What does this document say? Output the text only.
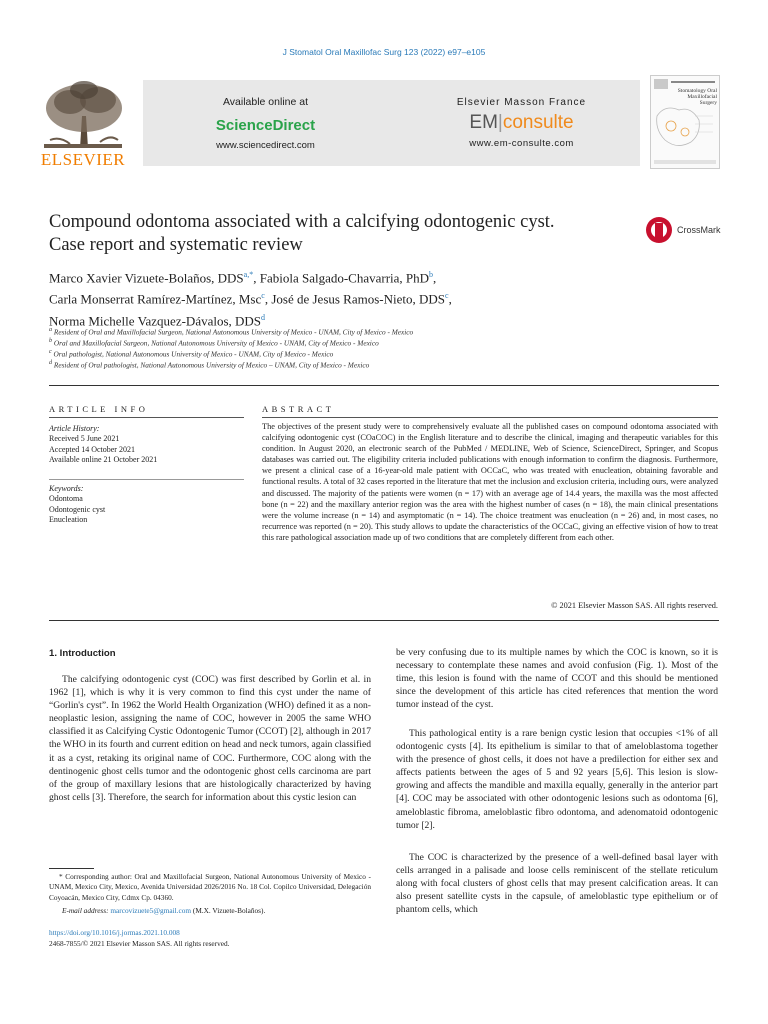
J Stomatol Oral Maxillofac Surg 123 (2022) e97–e105
ELSEVIER
Available online at
ScienceDirect
www.sciencedirect.com
Elsevier Masson France
EM|consulte
www.em-consulte.com
Stomatology Oral Maxillofacial Surgery
Compound odontoma associated with a calcifying odontogenic cyst.
Case report and systematic review
CrossMark
Marco Xavier Vizuete-Bolaños, $DDS^{a,*}$, Fabiola Salgado-Chavarria, PhD$^b$,
Carla Monserrat Ramírez-Martínez, Msc$^c$, José de Jesus Ramos-Nieto, DDS$^c$,
Norma Michelle Vazquez-Dávalos, DDS$^d$
$^a$ Resident of Oral and Maxillofacial Surgeon, National Autonomous University of Mexico - UNAM, City of Mexico - Mexico
$^b$ Oral and Maxillofacial Surgeon, National Autonomous University of Mexico - UNAM, City of Mexico - Mexico
$^c$ Oral pathologist, National Autonomous University of Mexico - UNAM, City of Mexico - Mexico
$^d$ Resident of Oral pathologist, National Autonomous University of Mexico – UNAM, City of Mexico - Mexico
ARTICLE INFO
Article History:
Received 5 June 2021
Accepted 14 October 2021
Available online 21 October 2021
Keywords:
Odontoma
Odontogenic cyst
Enucleation
ABSTRACT
The objectives of the present study were to comprehensively evaluate all the published cases on compound odontoma associated with calcifying odontogenic cyst (COaCOC) in the English literature and to describe the clinical, imaging and therapeutic variables for this condition. In August 2020, an electronic search of the PubMed / MEDLINE, Web of Science, ScienceDirect, Springer, and Scopus databases was carried out. The eligibility criteria included publications with enough information to confirm the diagnosis. Furthermore, we present a clinical case of a 16-year-old male patient with OCCaC, who was treated with enucleation, obtaining favorable and functional results. A total of 32 cases reported in the literature that met the inclusion and exclusion criteria, including ours, were analyzed and discussed. The majority of the patients were women (n = 17) with an average age of 14.4 years, the maxilla was the most affected bone (n = 22) and the maxillary anterior region was the area with the highest number of cases (n = 18), the main clinical presentations were the volume increase (n = 14) and asymptomatic (n = 14). The choice treatment was enucleation (n = 26) and, in most cases, no recurrence was reported (n = 20). This study allows to update the characteristics of the OCCaC, giving an effective vision of how to treat this rare pathological association made up of two conditions that are completely different from each other.
© 2021 Elsevier Masson SAS. All rights reserved.
1. Introduction
The calcifying odontogenic cyst (COC) was first described by Gorlin et al. in 1962 [1], which is why it is very common to find this cyst under the name of “Gorlin's cyst”. In 1962 the World Health Organization (WHO) defined it as a non-neoplastic lesion, assigning the name of COC, however in 2005 the same WHO classified it as Calcifying Cystic Odontogenic Tumor (CCOT) [2], although in 2017 the WHO in its fourth and current edition on head and neck tumors, again classified it as a cyst, retaking its original name of COC. Furthermore, COC along with the dentinogenic ghost cells tumor and the odontogenic ghost cells carcinoma are part of the group of maxillary lesions that are histologically characterized by having ghost cells [3]. Therefore, the search for information about this cystic lesion can
be very confusing due to its multiple names by which the COC is known, so it is necessary to contemplate these names and avoid confusion (Fig. 1). Most of the time, this lesion is found with the name of CCOT and this should be mentioned since the development of this article has cited references that mention the word tumor instead of the cyst.
This pathological entity is a rare benign cystic lesion that occupies <1% of all odontogenic cysts [4]. Its epithelium is similar to that of ameloblastoma together with the presence of ghost cells, it does not have a predilection for either sex and affects patients between the ages of 5 and 92 years [5,6]. This lesion is slow-growing and affects the mandible and maxilla equally, generally in the anterior part [4]. COC may be associated with other odontogenic lesions such as odontoma [6], ameloblastic fibroma, ameloblastic fibro odontoma, and adenomatoid odontogenic tumor [2].
The COC is characterized by the presence of a well-defined basal layer with cells arranged in a palisade and loose cells reminiscent of the stellate reticulum along with focal clusters of ghost cells that may present calcification areas. It can also present satellite cysts in the capsule, of ameloblastic type epithelium or of phantom cells, which
* Corresponding author: Oral and Maxillofacial Surgeon, National Autonomous University of Mexico - UNAM, Mexico City, Mexico, Avenida Universidad 2026/2016 No. 18 Col. Copilco Universidad, Delegación Coyoacán, Mexico City, Cdmx Cp. 04360.
E-mail address: marcovizuete5@gmail.com (M.X. Vizuete-Bolaños).
https://doi.org/10.1016/j.jormas.2021.10.008
2468-7855/© 2021 Elsevier Masson SAS. All rights reserved.
